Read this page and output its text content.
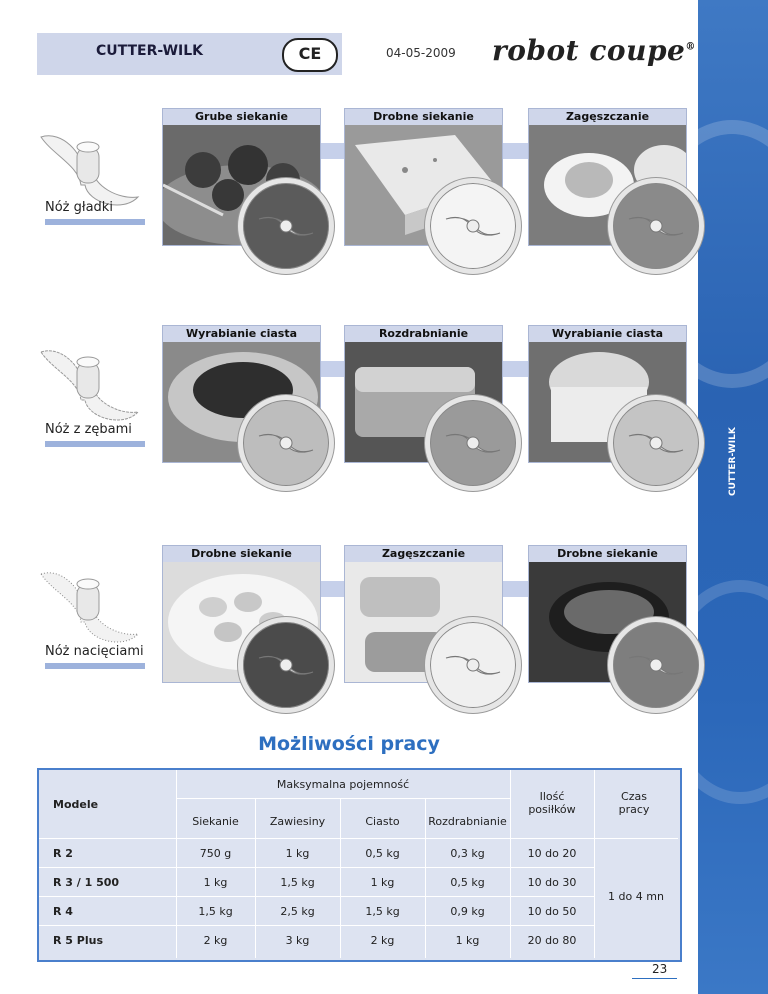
CUTTER-WILK	CE	04-05-2009 robot coupe®
CUTTER-WILK
Nóż gładki
Grube siekanie	Drobne siekanie	Zagęszczanie
Nóż z zębami
Wyrabianie ciasta	Rozdrabnianie	Wyrabianie ciasta
Nóż nacięciami
Drobne siekanie	Zagęszczanie	Drobne siekanie
Możliwości pracy
Modele
Maksymalna pojemność
Siekanie	Zawiesiny	Ciasto	Rozdrabnianie
Ilość posiłków
Czas pracy
R 2	750 g	1 kg	0,5 kg	0,3 kg	10 do 20
R 3 / 1 500	1 kg	1,5 kg	1 kg	0,5 kg	10 do 30
R 4	1,5 kg	2,5 kg	1,5 kg	0,9 kg	10 do 50
R 5 Plus	2 kg	3 kg	2 kg	1 kg	20 do 80
1 do 4 mn
23
